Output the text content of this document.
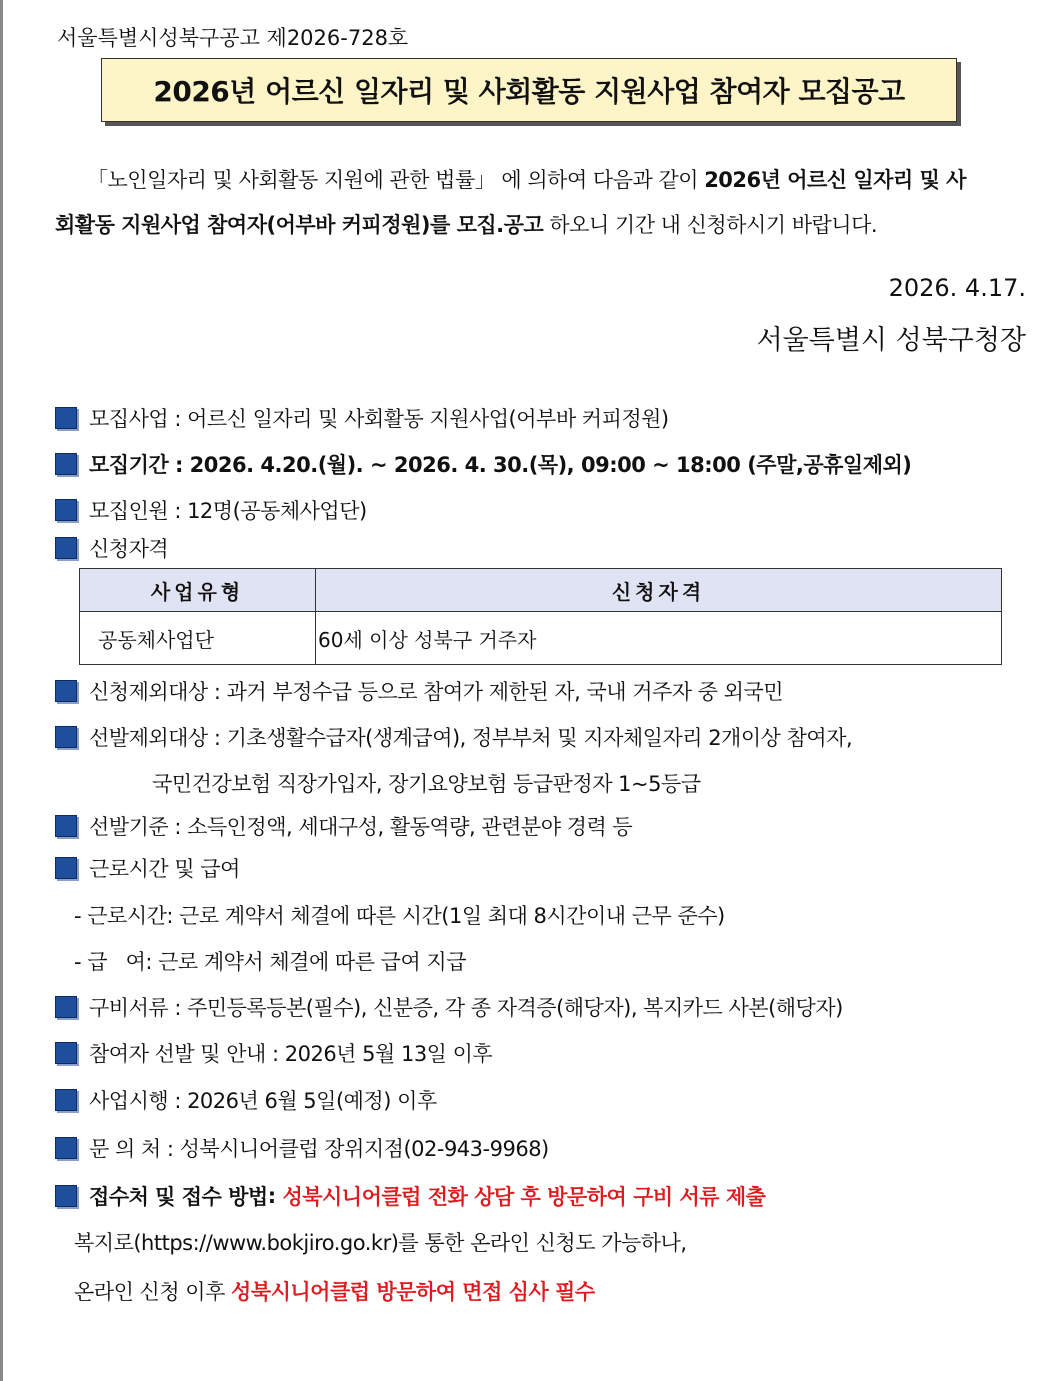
서울특별시성북구공고 제2026-728호
2026년 어르신 일자리 및 사회활동 지원사업 참여자 모집공고
「노인일자리 및 사회활동 지원에 관한 법률」 에 의하여 다음과 같이 2026년 어르신 일자리 및 사
회활동 지원사업 참여자(어부바 커피정원)를 모집.공고 하오니 기간 내 신청하시기 바랍니다.
2026. 4.17.
서울특별시 성북구청장
모집사업 : 어르신 일자리 및 사회활동 지원사업(어부바 커피정원)
모집기간 : 2026. 4.20.(월). ~ 2026. 4. 30.(목), 09:00 ~ 18:00 (주말,공휴일제외)
모집인원 : 12명(공동체사업단)
신청자격
사업유형	신청자격
공동체사업단	60세 이상 성북구 거주자
신청제외대상 : 과거 부정수급 등으로 참여가 제한된 자, 국내 거주자 중 외국민
선발제외대상 : 기초생활수급자(생계급여), 정부부처 및 지자체일자리 2개이상 참여자,
국민건강보험 직장가입자, 장기요양보험 등급판정자 1~5등급
선발기준 : 소득인정액, 세대구성, 활동역량, 관련분야 경력 등
근로시간 및 급여
- 근로시간: 근로 계약서 체결에 따른 시간(1일 최대 8시간이내 근무 준수)
- 급   여: 근로 계약서 체결에 따른 급여 지급
구비서류 : 주민등록등본(필수), 신분증, 각 종 자격증(해당자), 복지카드 사본(해당자)
참여자 선발 및 안내 : 2026년 5월 13일 이후
사업시행 : 2026년 6월 5일(예정) 이후
문 의 처 : 성북시니어클럽 장위지점(02-943-9968)
접수처 및 접수 방법 : 성북시니어클럽 전화 상담 후 방문하여 구비 서류 제출
복지로(https://www.bokjiro.go.kr)를 통한 온라인 신청도 가능하나,
온라인 신청 이후 성북시니어클럽 방문하여 면접 심사 필수
